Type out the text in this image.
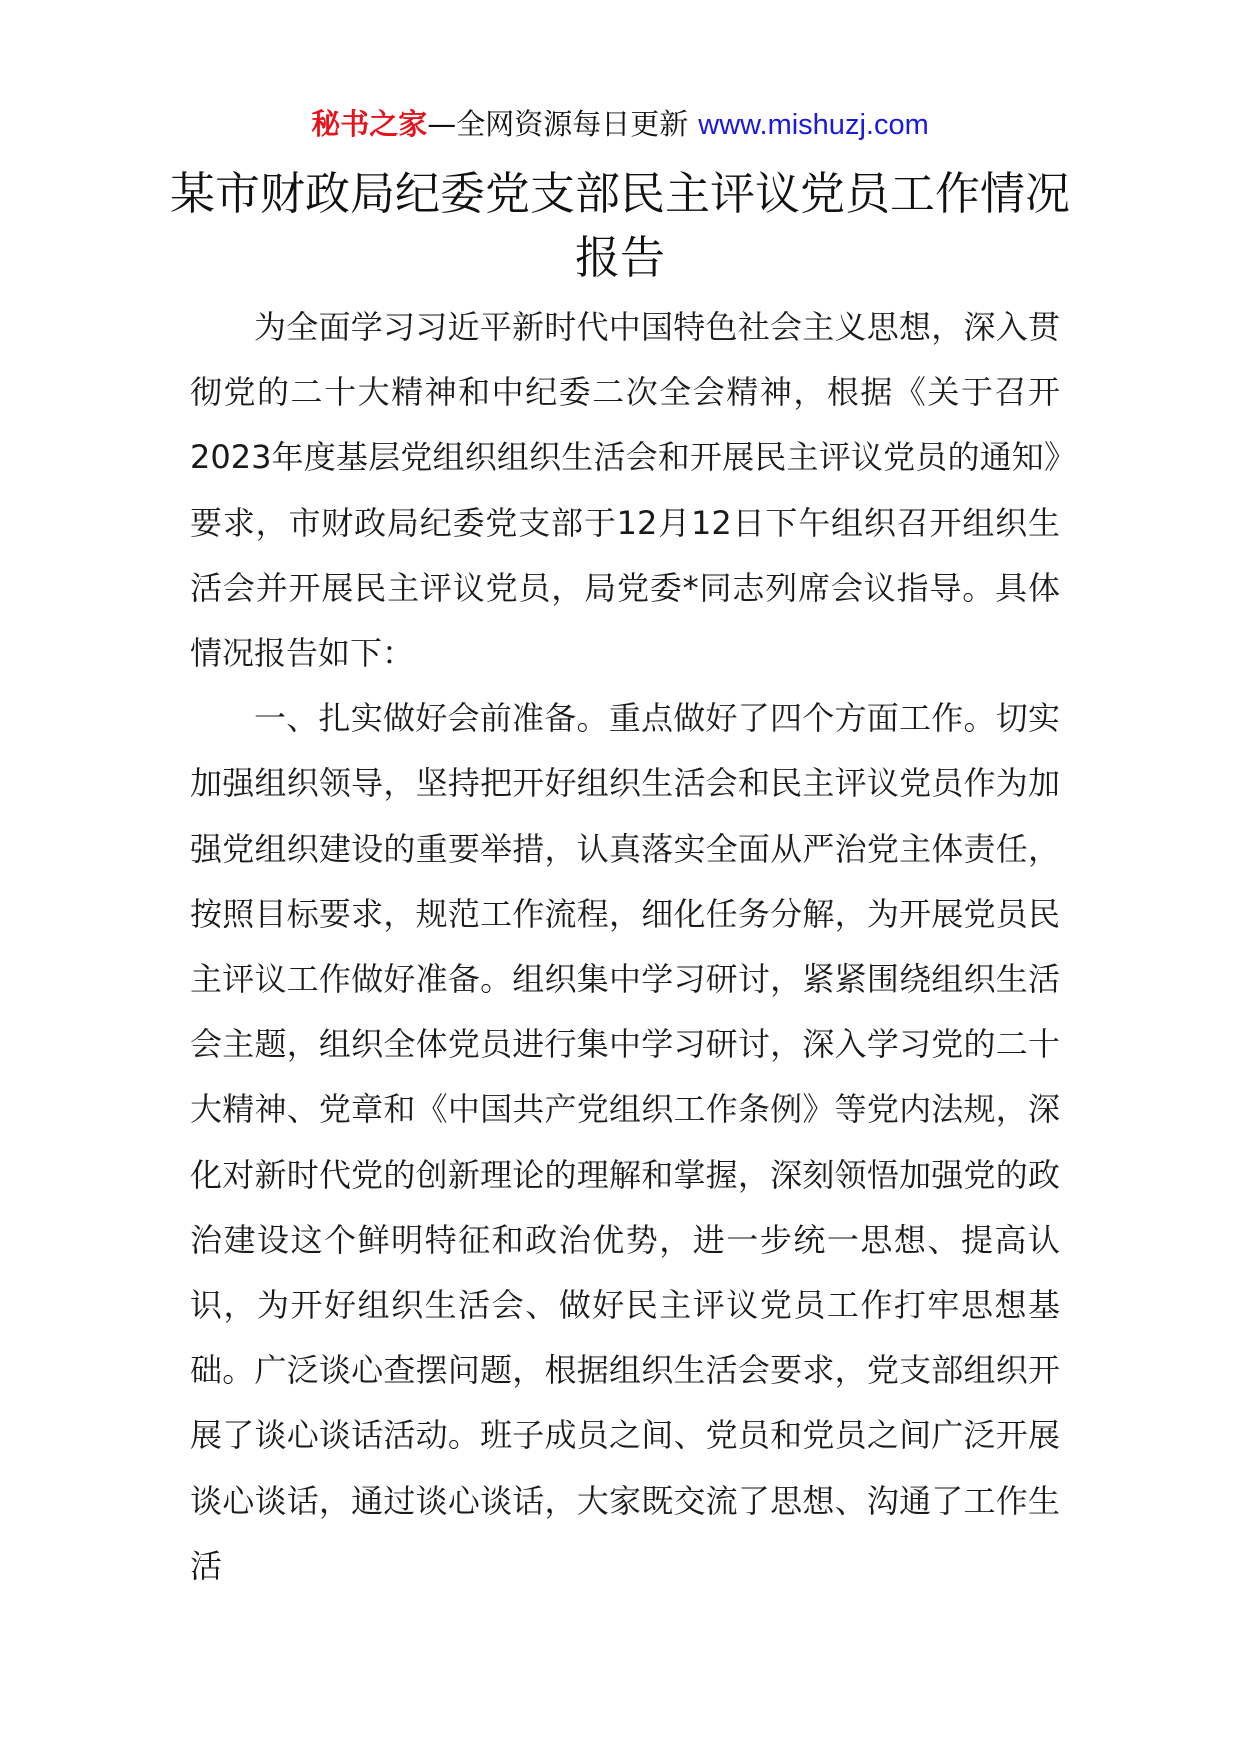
秘书之家—全网资源每日更新 www.mishuzj.com
某市财政局纪委党支部民主评议党员工作情况报告

为全面学习习近平新时代中国特色社会主义思想，深入贯彻党的二十大精神和中纪委二次全会精神，根据《关于召开2023年度基层党组织组织生活会和开展民主评议党员的通知》要求，市财政局纪委党支部于12月12日下午组织召开组织生活会并开展民主评议党员，局党委*同志列席会议指导。具体情况报告如下：

一、扎实做好会前准备。重点做好了四个方面工作。切实加强组织领导，坚持把开好组织生活会和民主评议党员作为加强党组织建设的重要举措，认真落实全面从严治党主体责任，按照目标要求，规范工作流程，细化任务分解，为开展党员民主评议工作做好准备。组织集中学习研讨，紧紧围绕组织生活会主题，组织全体党员进行集中学习研讨，深入学习党的二十大精神、党章和《中国共产党组织工作条例》等党内法规，深化对新时代党的创新理论的理解和掌握，深刻领悟加强党的政治建设这个鲜明特征和政治优势，进一步统一思想、提高认识，为开好组织生活会、做好民主评议党员工作打牢思想基础。广泛谈心查摆问题，根据组织生活会要求，党支部组织开展了谈心谈话活动。班子成员之间、党员和党员之间广泛开展谈心谈话，通过谈心谈话，大家既交流了思想、沟通了工作生活
